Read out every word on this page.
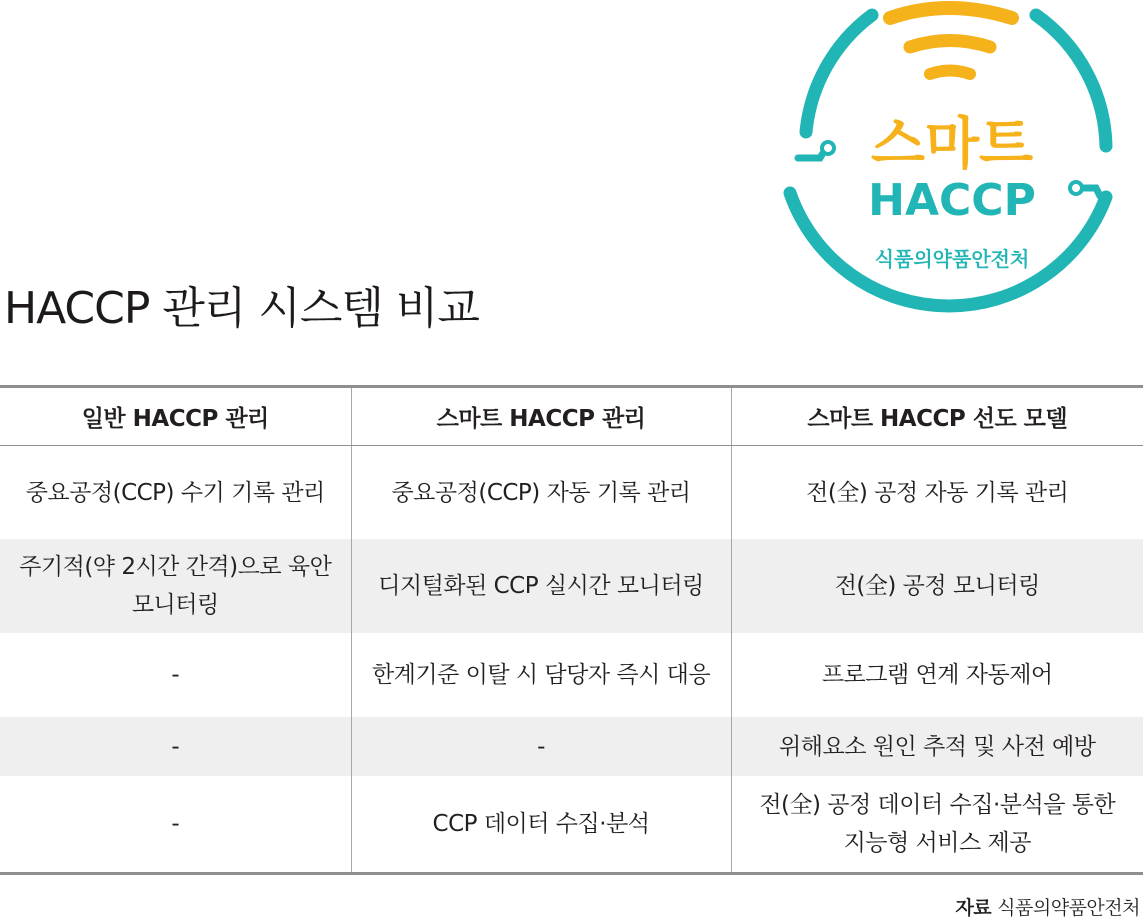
HACCP 관리 시스템 비교
스마트
HACCP
식품의약품안전처
일반 HACCP 관리	스마트 HACCP 관리	스마트 HACCP 선도 모델
중요공정(CCP) 수기 기록 관리	중요공정(CCP) 자동 기록 관리	전(全) 공정 자동 기록 관리
주기적(약 2시간 간격)으로 육안 모니터링	디지털화된 CCP 실시간 모니터링	전(全) 공정 모니터링
-	한계기준 이탈 시 담당자 즉시 대응	프로그램 연계 자동제어
-	-	위해요소 원인 추적 및 사전 예방
-	CCP 데이터 수집·분석	전(全) 공정 데이터 수집·분석을 통한 지능형 서비스 제공
자료 식품의약품안전처
